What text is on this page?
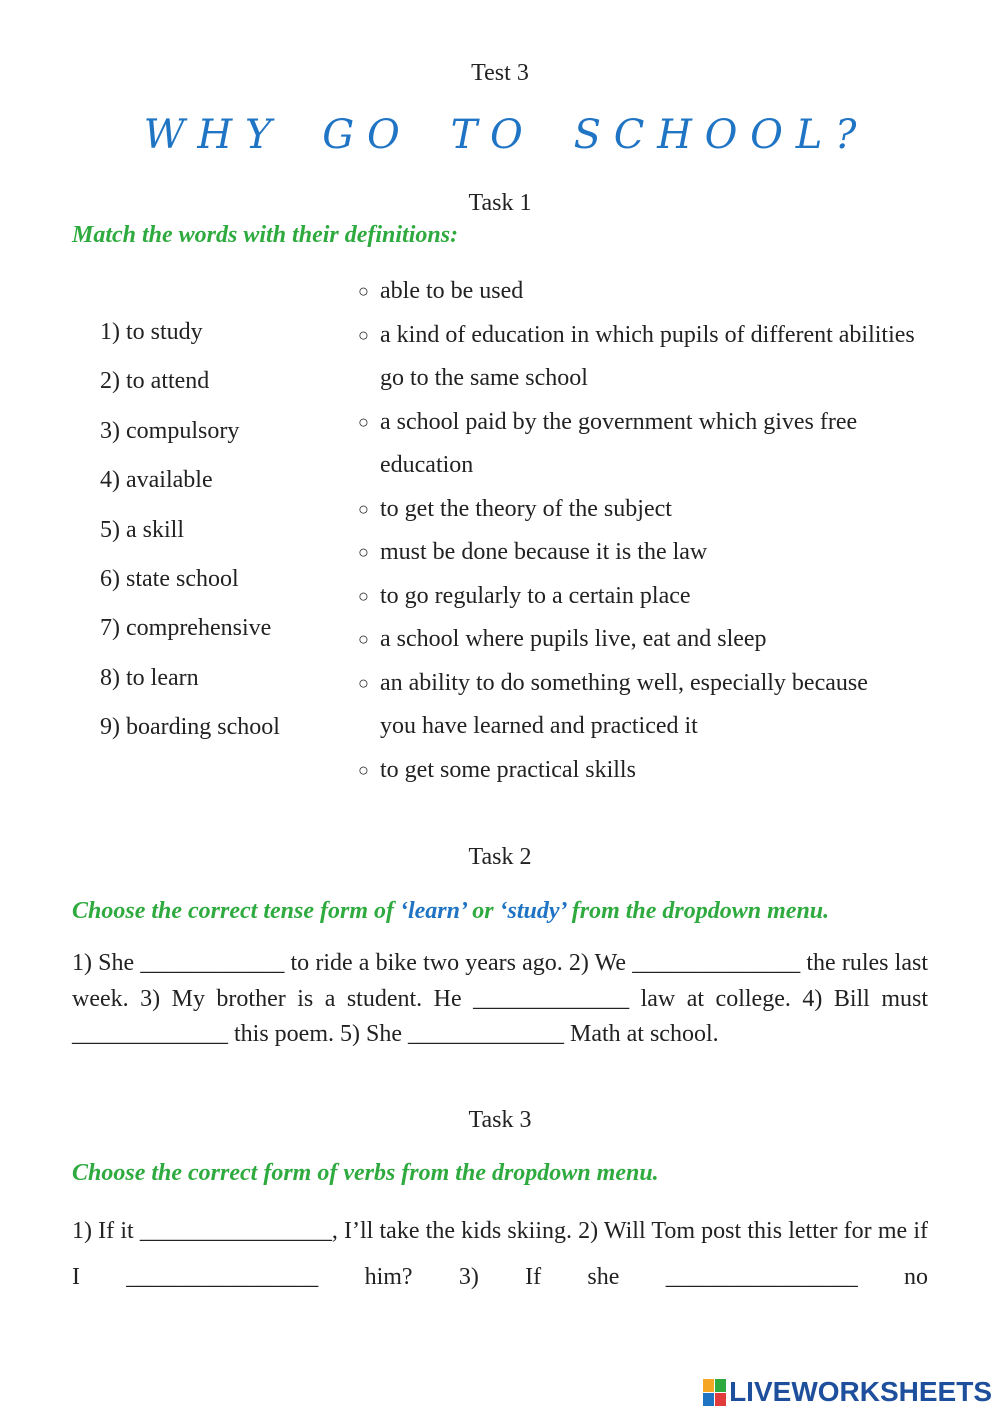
Test 3
W H Y    G O    T O    S C H O O L ?
Task 1
Match the words with their definitions:
1) to study
2) to attend
3) compulsory
4) available
5) a skill
6) state school
7) comprehensive
8) to learn
9) boarding school
○ able to be used
○ a kind of education in which pupils of different abilities go to the same school
○ a school paid by the government which gives free education
○ to get the theory of the subject
○ must be done because it is the law
○ to go regularly to a certain place
○ a school where pupils live, eat and sleep
○ an ability to do something well, especially because you have learned and practiced it
○ to get some practical skills
Task 2
Choose the correct tense form of ‘learn’ or ‘study’ from the dropdown menu.
1) She ____________ to ride a bike two years ago. 2) We ______________ the rules last week. 3) My brother is a student. He _____________ law at college. 4) Bill must _____________ this poem. 5) She _____________ Math at school.
Task 3
Choose the correct form of verbs from the dropdown menu.
1) If it ________________, I’ll take the kids skiing. 2) Will Tom post this letter for me if I ________________ him? 3) If she ________________ no
LIVEWORKSHEETS
